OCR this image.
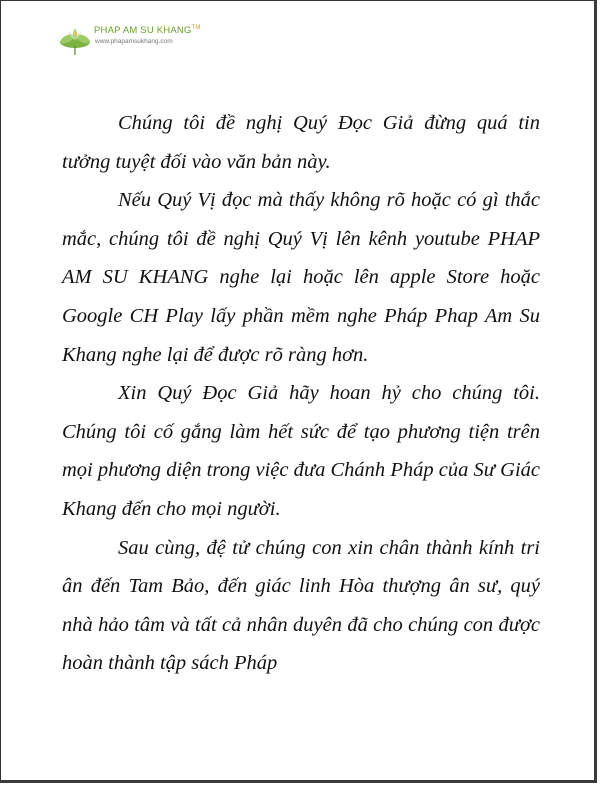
PHAP AM SU KHANG™
www.phapamsukhang.com

Chúng tôi đề nghị Quý Đọc Giả đừng quá tin tưởng tuyệt đối vào văn bản này.

Nếu Quý Vị đọc mà thấy không rõ hoặc có gì thắc mắc, chúng tôi đề nghị Quý Vị lên kênh youtube PHAP AM SU KHANG nghe lại hoặc lên apple Store hoặc Google CH Play lấy phần mềm nghe Pháp Phap Am Su Khang nghe lại để được rõ ràng hơn.

Xin Quý Đọc Giả hãy hoan hỷ cho chúng tôi. Chúng tôi cố gắng làm hết sức để tạo phương tiện trên mọi phương diện trong việc đưa Chánh Pháp của Sư Giác Khang đến cho mọi người.

Sau cùng, đệ tử chúng con xin chân thành kính tri ân đến Tam Bảo, đến giác linh Hòa thượng ân sư, quý nhà hảo tâm và tất cả nhân duyên đã cho chúng con được hoàn thành tập sách Pháp
